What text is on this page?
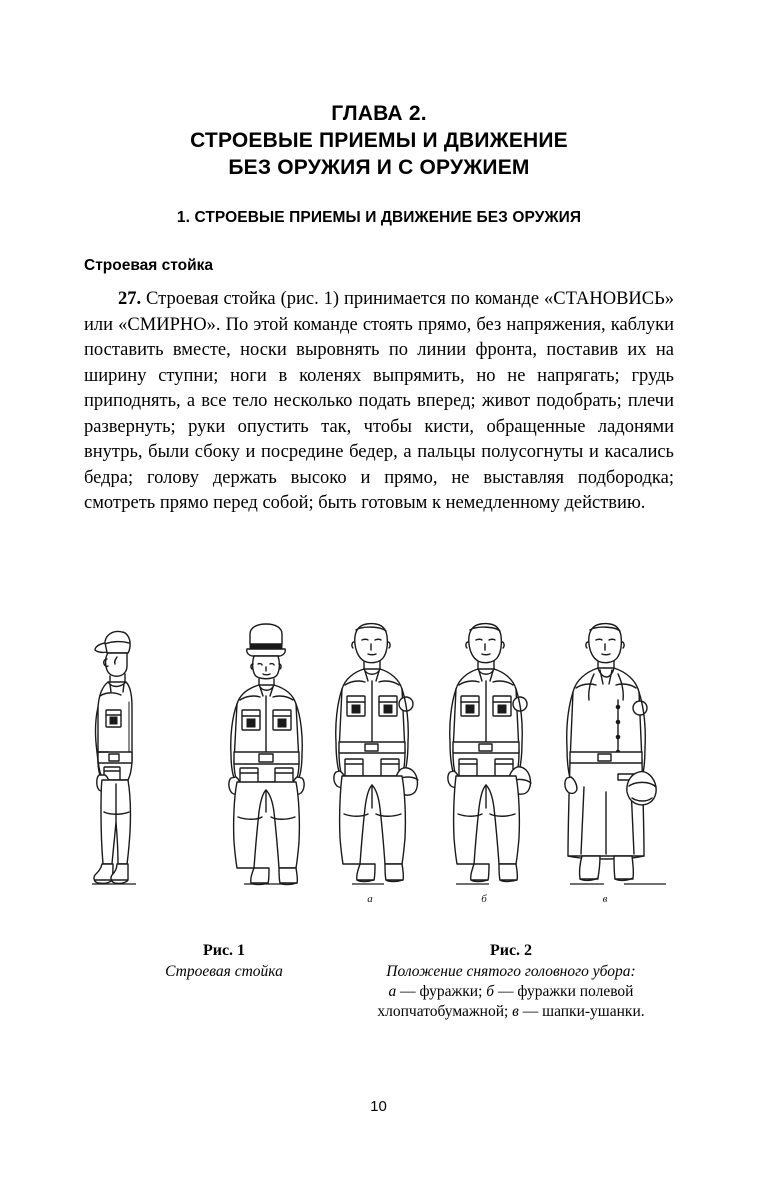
ГЛАВА 2.
СТРОЕВЫЕ ПРИЕМЫ И ДВИЖЕНИЕ
БЕЗ ОРУЖИЯ И С ОРУЖИЕМ
1. СТРОЕВЫЕ ПРИЕМЫ И ДВИЖЕНИЕ БЕЗ ОРУЖИЯ
Строевая стойка

27. Строевая стойка (рис. 1) принимается по команде «СТАНОВИСЬ» или «СМИРНО». По этой команде стоять прямо, без напряжения, каблуки поставить вместе, носки выровнять по линии фронта, поставив их на ширину ступни; ноги в коленях выпрямить, но не напрягать; грудь приподнять, а все тело несколько подать вперед; живот подобрать; плечи развернуть; руки опустить так, чтобы кисти, обращенные ладонями внутрь, были сбоку и посредине бедер, а пальцы полусогнуты и касались бедра; голову держать высоко и прямо, не выставляя подбородка; смотреть прямо перед собой; быть готовым к немедленному действию.

а	б	в
Рис. 1
Строевая стойка
Рис. 2
Положение снятого головного убора:
а — фуражки; б — фуражки полевой
хлопчатобумажной; в — шапки-ушанки.
10
